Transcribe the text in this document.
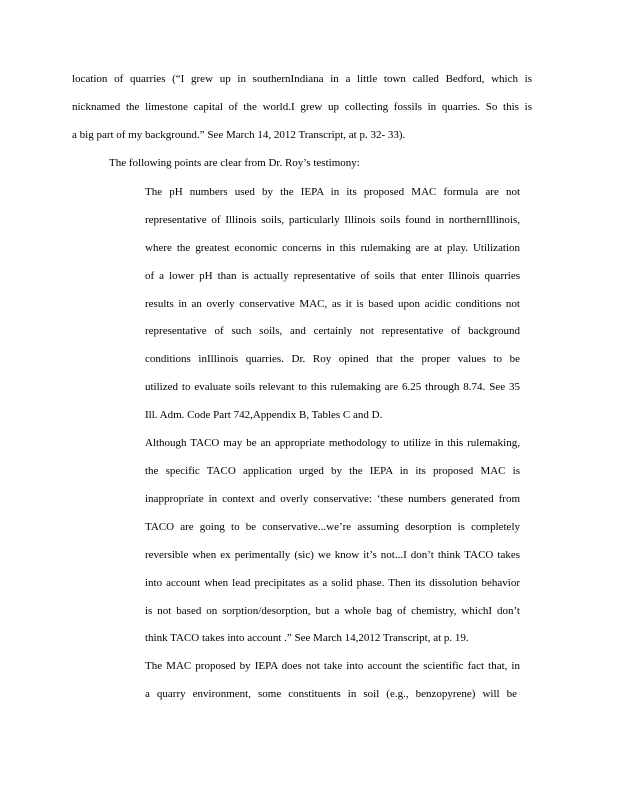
location of quarries (“I grew up in southernIndiana in a little town called Bedford, which is
nicknamed the limestone capital of the world.I grew up collecting fossils in quarries. So this is
a big part of my background.” See March 14, 2012 Transcript, at p. 32- 33).
The following points are clear from Dr. Roy’s testimony:
The pH numbers used by the IEPA in its proposed MAC formula are not
representative of Illinois soils, particularly Illinois soils found in northernIllinois,
where the greatest economic concerns in this rulemaking are at play. Utilization
of a lower pH than is actually representative of soils that enter Illinois quarries
results in an overly conservative MAC, as it is based upon acidic conditions not
representative of such soils, and certainly not representative of background
conditions inIllinois quarries. Dr. Roy opined that the proper values to be
utilized to evaluate soils relevant to this rulemaking are 6.25 through 8.74. See 35
Ill. Adm. Code Part 742,Appendix B, Tables C and D.
Although TACO may be an appropriate methodology to utilize in this rulemaking,
the specific TACO application urged by the IEPA in its proposed MAC is
inappropriate in context and overly conservative: ‘these numbers generated from
TACO are going to be conservative...we’re assuming desorption is completely
reversible when ex perimentally (sic) we know it’s not...I don’t think TACO takes
into account when lead precipitates as a solid phase. Then its dissolution behavior
is not based on sorption/desorption, but a whole bag of chemistry, whichI don’t
think TACO takes into account .” See March 14,2012 Transcript, at p. 19.
The MAC proposed by IEPA does not take into account the scientific fact that, in
a quarry environment, some constituents in soil (e.g., benzopyrene) will be
